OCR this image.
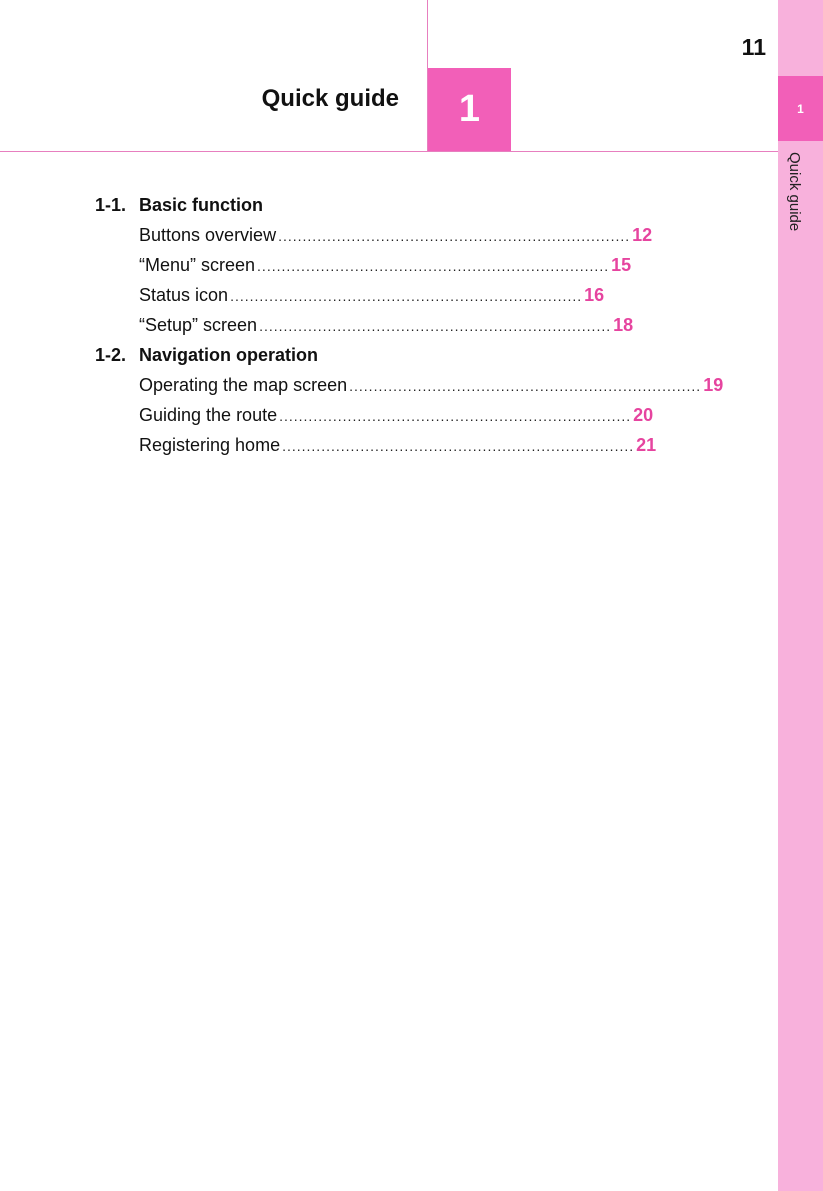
1
Quick guide
11
Quick guide	1
1-1. Basic function
Buttons overview ........................................................................ 12
“Menu” screen ........................................................................ 15
Status icon ........................................................................ 16
“Setup” screen ........................................................................ 18
1-2. Navigation operation
Operating the map screen ........................................................................ 19
Guiding the route ........................................................................ 20
Registering home ........................................................................ 21
